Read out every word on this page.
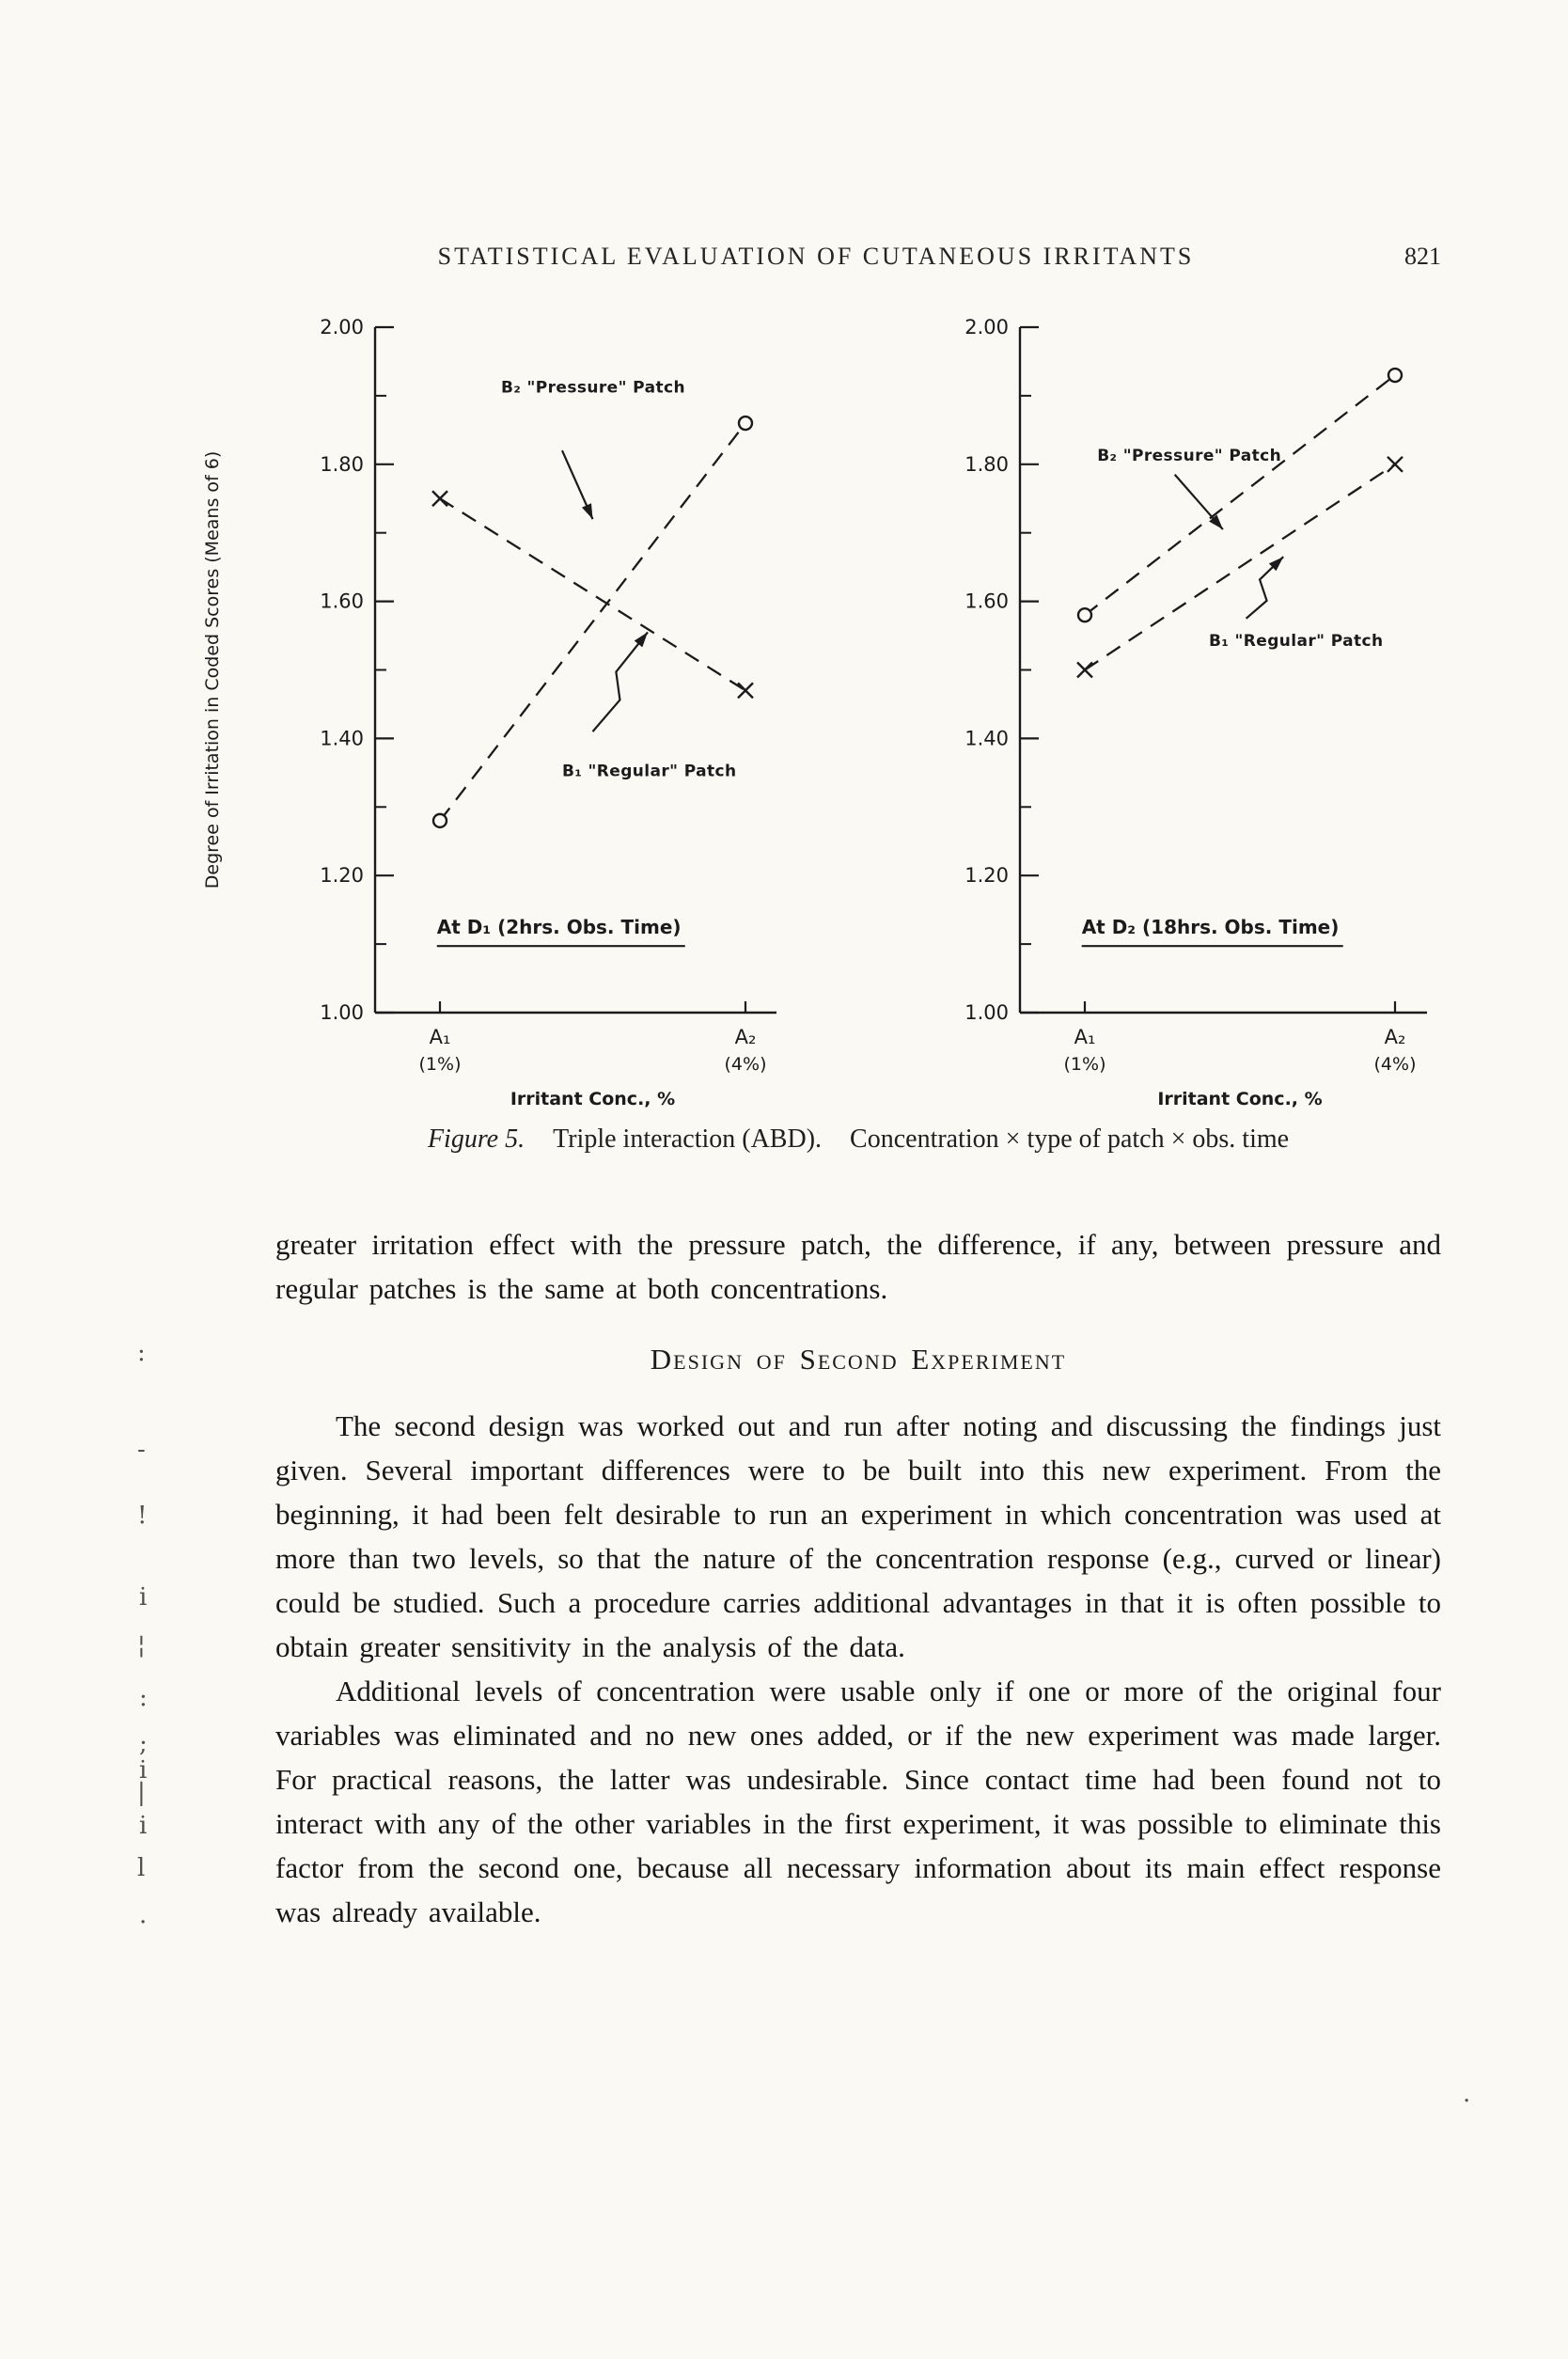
STATISTICAL EVALUATION OF CUTANEOUS IRRITANTS	821
2.00
1.80
1.60
1.40
1.20
1.00
A₁
(1%)
A₂
(4%)
Irritant Conc., %
Degree of Irritation in Coded Scores (Means of 6)
B₂ "Pressure" Patch
B₁ "Regular" Patch
At D₁ (2hrs. Obs. Time)
2.00
1.80
1.60
1.40
1.20
1.00
A₁
(1%)
A₂
(4%)
Irritant Conc., %
B₂ "Pressure" Patch
B₁ "Regular" Patch
At D₂ (18hrs. Obs. Time)
Figure 5. Triple interaction (ABD). Concentration × type of patch × obs. time

greater irritation effect with the pressure patch, the difference, if any, between pressure and regular patches is the same at both concentrations.

Design of Second Experiment

The second design was worked out and run after noting and discussing the findings just given. Several important differences were to be built into this new experiment. From the beginning, it had been felt desirable to run an experiment in which concentration was used at more than two levels, so that the nature of the concentration response (e.g., curved or linear) could be studied. Such a procedure carries additional advantages in that it is often possible to obtain greater sensitivity in the analysis of the data.

Additional levels of concentration were usable only if one or more of the original four variables was eliminated and no new ones added, or if the new experiment was made larger. For practical reasons, the latter was undesirable. Since contact time had been found not to interact with any of the other variables in the first experiment, it was possible to eliminate this factor from the second one, because all necessary information about its main effect response was already available.

:
-
!
i
¦
:
;
i
|
i
l
·
.
